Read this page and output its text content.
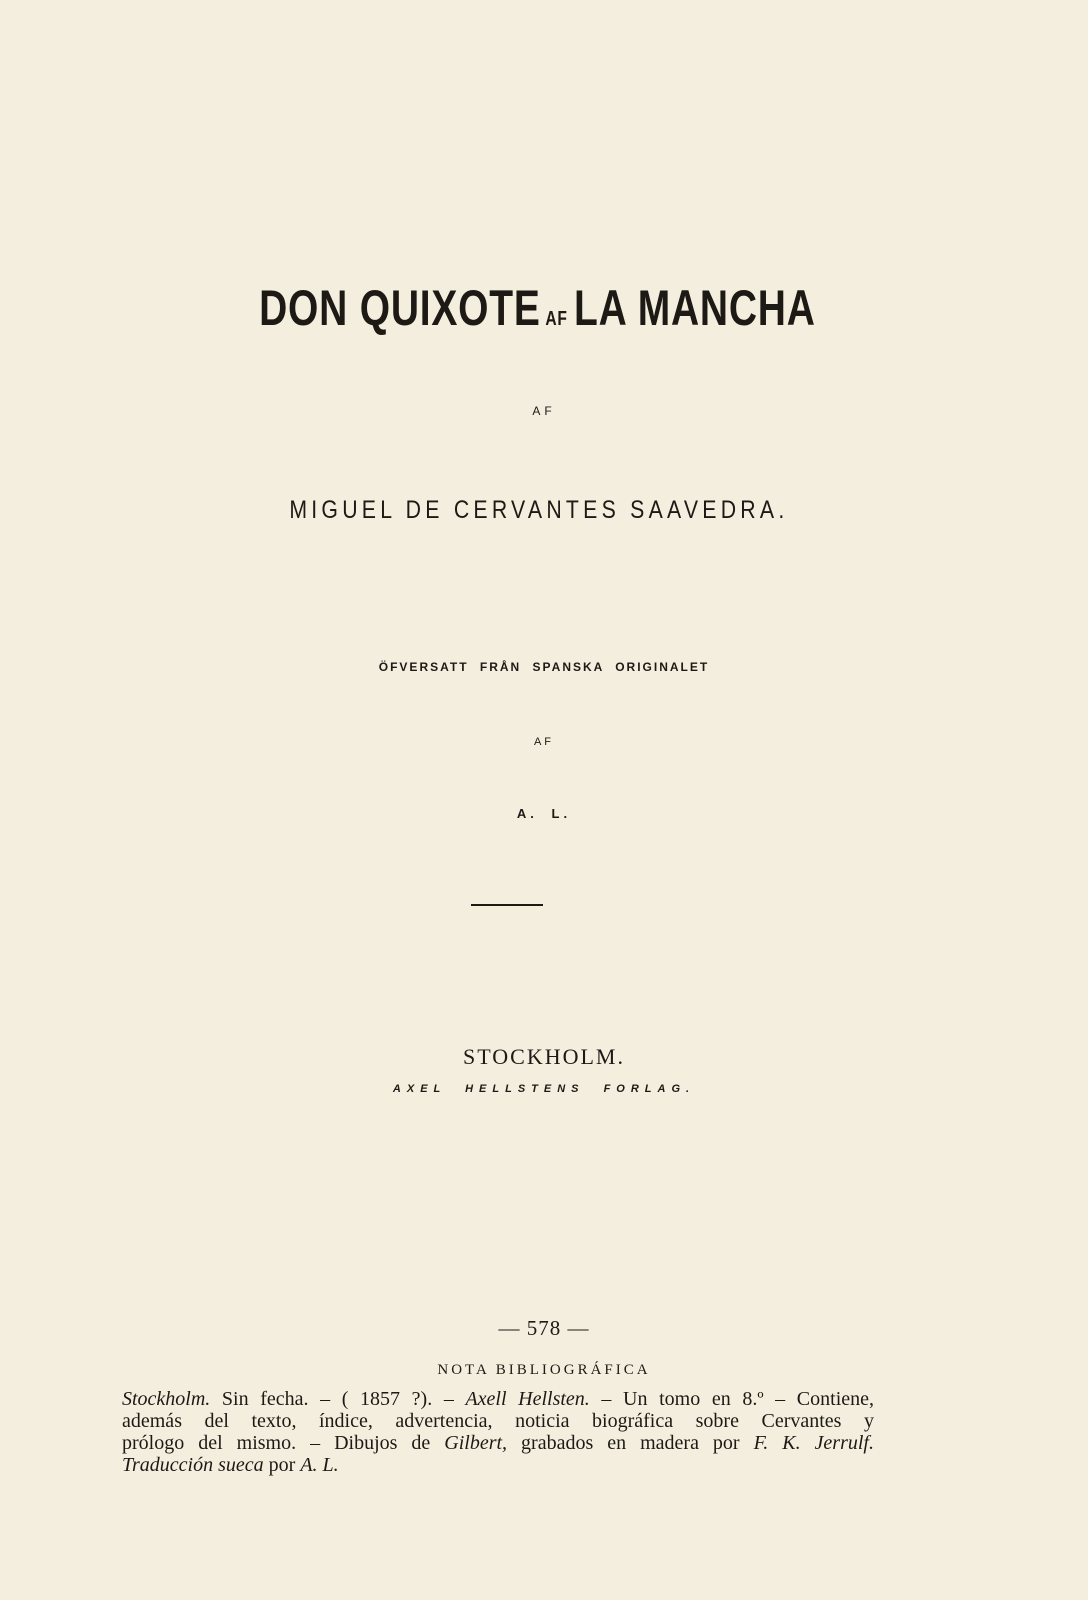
DON QUIXOTE AF LA MANCHA
AF
MIGUEL DE CERVANTES SAAVEDRA.
ÖFVERSATT FRÅN SPANSKA ORIGINALET
AF
A. L.
STOCKHOLM.
AXEL HELLSTENS FORLAG.
— 578 —
NOTA BIBLIOGRÁFICA
Stockholm. Sin fecha. – ( 1857 ?). – Axell Hellsten. – Un tomo en 8.º – Contiene,
además del texto, índice, advertencia, noticia biográfica sobre Cervantes y
prólogo del mismo. – Dibujos de Gilbert, grabados en madera por F. K. Jerrulf.
Traducción sueca por A. L.
